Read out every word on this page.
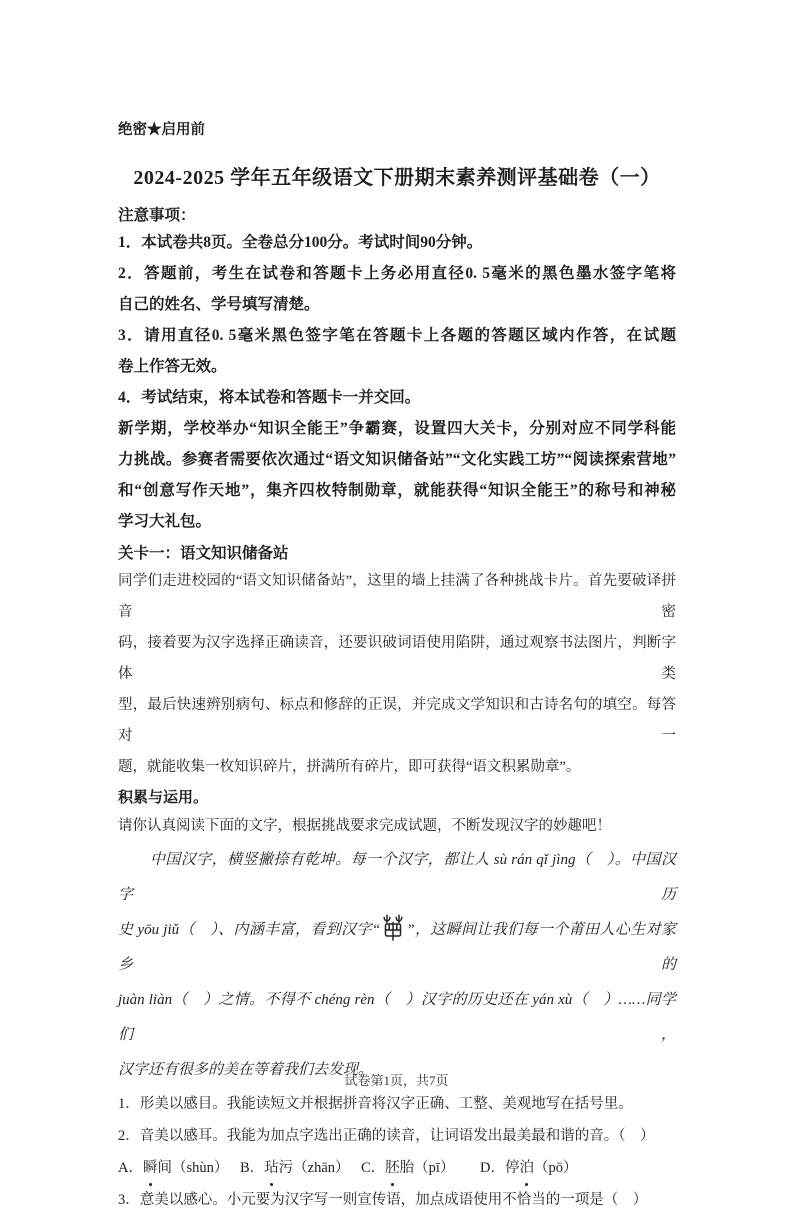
绝密★启用前
2024-2025 学年五年级语文下册期末素养测评基础卷（一）
注意事项：
1．本试卷共8页。全卷总分100分。考试时间90分钟。
2．答题前，考生在试卷和答题卡上务必用直径0. 5毫米的黑色墨水签字笔将
自己的姓名、学号填写清楚。
3．请用直径0. 5毫米黑色签字笔在答题卡上各题的答题区域内作答，在试题
卷上作答无效。
4．考试结束，将本试卷和答题卡一并交回。
新学期，学校举办“知识全能王”争霸赛，设置四大关卡，分别对应不同学科能
力挑战。参赛者需要依次通过“语文知识储备站”“文化实践工坊”“阅读探索营地”
和“创意写作天地”，集齐四枚特制勋章，就能获得“知识全能王”的称号和神秘
学习大礼包。
关卡一：语文知识储备站
同学们走进校园的“语文知识储备站”，这里的墙上挂满了各种挑战卡片。首先要破译拼音密
码，接着要为汉字选择正确读音，还要识破词语使用陷阱，通过观察书法图片，判断字体类
型，最后快速辨别病句、标点和修辞的正误，并完成文学知识和古诗名句的填空。每答对一
题，就能收集一枚知识碎片，拼满所有碎片，即可获得“语文积累勋章”。
积累与运用。
请你认真阅读下面的文字，根据挑战要求完成试题，不断发现汉字的妙趣吧！
中国汉字，横竖撇捺有乾坤。每一个汉字，都让人 sù rán qǐ jìng（　）。中国汉字历
史 yōu jiǔ（　）、内涵丰富，看到汉字“ ”，这瞬间让我们每一个莆田人心生对家乡的
juàn liàn（　）之情。不得不 chéng rèn（　）汉字的历史还在 yán xù（　）……同学们，
汉字还有很多的美在等着我们去发现。
1．形美以感目。我能读短文并根据拼音将汉字正确、工整、美观地写在括号里。
2．音美以感耳。我能为加点字选出正确的读音，让词语发出最美最和谐的音。（　）
A．瞬间（shùn） B．玷污（zhān） C．胚胎（pī） D．停泊（pō）
3．意美以感心。小元要为汉字写一则宣传语，加点成语使用不恰当的一项是（　）
试卷第1页，共7页
